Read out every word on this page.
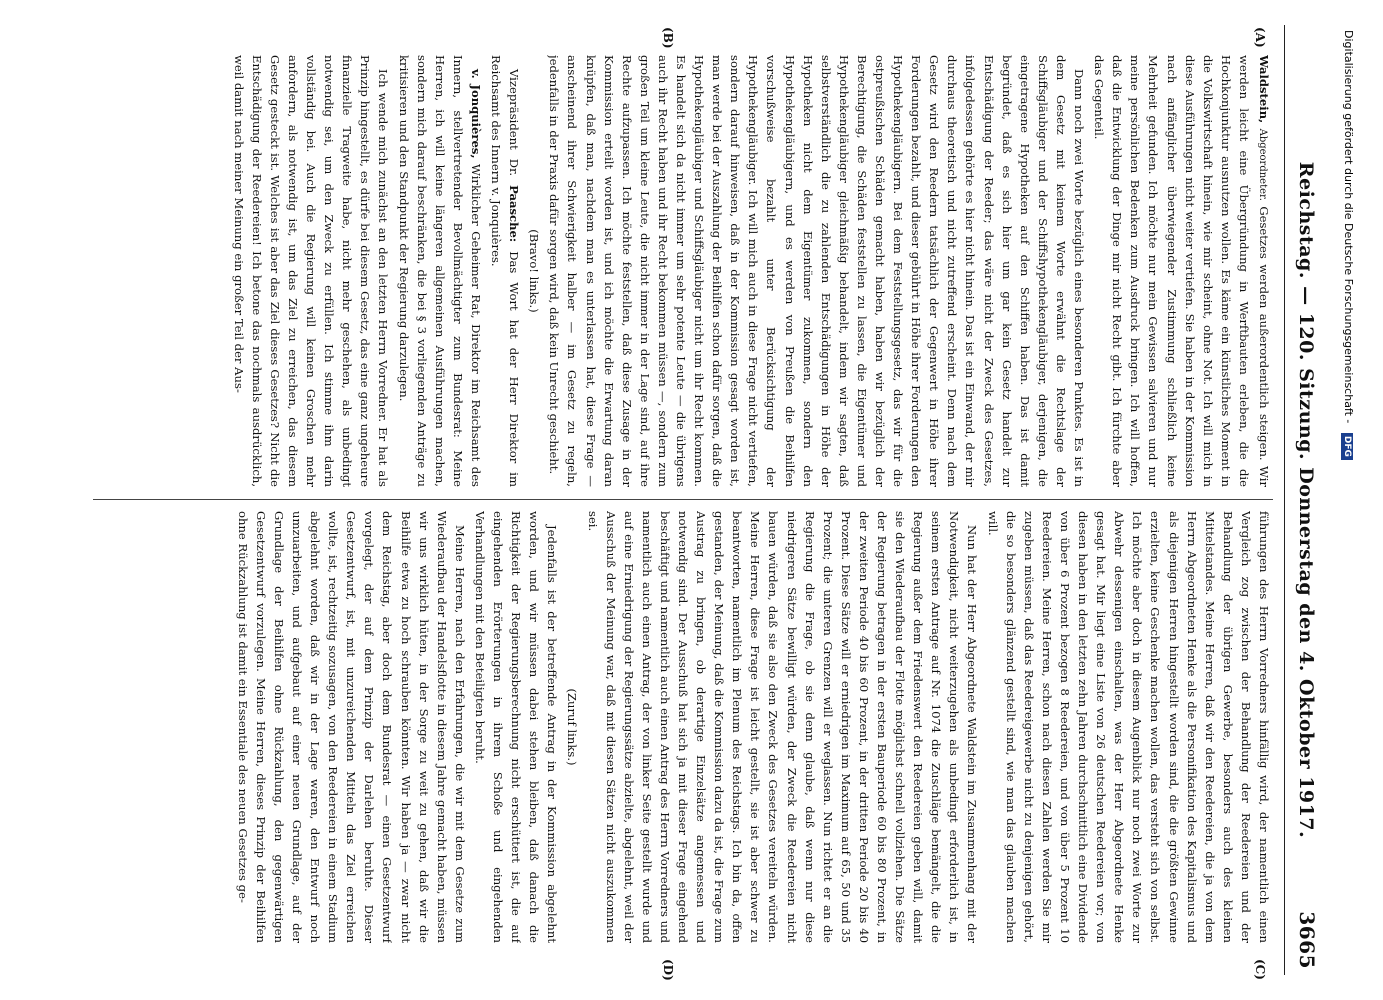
Reichstag. — 120. Sitzung. Donnerstag den 4. Oktober 1917.
3665
(A)
(B)
(C)
(D)

Waldstein, Abgeordneter. Gesetzes werden außerordentlich steigen. Wir werden leicht eine Übergründung in Werftbauten erleben, die die Hochkonjunktur ausnutzen wollen. Es käme ein künstliches Moment in die Volkswirtschaft hinein, wie mir scheint, ohne Not. Ich will mich in diese Ausführungen nicht weiter vertiefen. Sie haben in der Kommission nach anfänglicher überwiegender Zustimmung schließlich keine Mehrheit gefunden. Ich möchte nur mein Gewissen salvieren und nur meine persönlichen Bedenken zum Ausdruck bringen. Ich will hoffen, daß die Entwicklung der Dinge mir nicht Recht gibt. Ich fürchte aber das Gegenteil.

Dann noch zwei Worte bezüglich eines besonderen Punktes. Es ist in dem Gesetz mit keinem Worte erwähnt die Rechtslage der Schiffsgläubiger und der Schiffshypothekengläubiger, derjenigen, die eingetragene Hypotheken auf den Schiffen haben. Das ist damit begründet, daß es sich hier um gar kein Gesetz handelt zur Entschädigung der Reeder; das wäre nicht der Zweck des Gesetzes, infolgedessen gehörte es hier nicht hinein. Das ist ein Einwand, der mir durchaus theoretisch und nicht zutreffend erscheint. Denn nach dem Gesetz wird den Reedern tatsächlich der Gegenwert in Höhe ihrer Forderungen bezahlt, und dieser gebührt in Höhe ihrer Forderungen den Hypothekengläubigern. Bei dem Feststellungsgesetz, das wir für die ostpreußischen Schäden gemacht haben, haben wir bezüglich der Berechtigung, die Schäden feststellen zu lassen, die Eigentümer und Hypothekengläubiger gleichmäßig behandelt, indem wir sagten, daß selbstverständlich die zu zahlenden Entschädigungen in Höhe der Hypotheken nicht dem Eigentümer zukommen, sondern den Hypothekengläubigern, und es werden von Preußen die Beihilfen vorschußweise bezahlt unter Berücksichtigung der Hypothekengläubiger. Ich will mich auch in diese Frage nicht vertiefen, sondern darauf hinweisen, daß in der Kommission gesagt worden ist, man werde bei der Auszahlung der Beihilfen schon dafür sorgen, daß die Hypothekengläubiger und Schiffsgläubiger nicht um ihr Recht kommen. Es handelt sich da nicht immer um sehr potente Leute — die übrigens auch ihr Recht haben und ihr Recht bekommen müssen —, sondern zum großen Teil um kleine Leute, die nicht immer in der Lage sind, auf ihre Rechte aufzupassen. Ich möchte feststellen, daß diese Zusage in der Kommission erteilt worden ist, und ich möchte die Erwartung daran knüpfen, daß man, nachdem man es unterlassen hat, diese Frage — anscheinend ihrer Schwierigkeit halber — im Gesetz zu regeln, jedenfalls in der Praxis dafür sorgen wird, daß kein Unrecht geschieht.

(Bravo! links.)

Vizepräsident Dr. Paasche: Das Wort hat der Herr Direktor im Reichsamt des Innern v. Jonquières.

v. Jonquières, Wirklicher Geheimer Rat, Direktor im Reichsamt des Innern, stellvertretender Bevollmächtigter zum Bundesrat: Meine Herren, ich will keine längeren allgemeinen Ausführungen machen, sondern mich darauf beschränken, die bei § 3 vorliegenden Anträge zu kritisieren und den Standpunkt der Regierung darzulegen.

Ich wende mich zunächst an den letzten Herrn Vorredner. Er hat als Prinzip hingestellt, es dürfe bei diesem Gesetz, das eine ganz ungeheure finanzielle Tragweite habe, nicht mehr geschehen, als unbedingt notwendig sei, um den Zweck zu erfüllen. Ich stimme ihm darin vollständig bei. Auch die Regierung will keinen Groschen mehr anfordern, als notwendig ist, um das Ziel zu erreichen, das diesem Gesetz gesteckt ist. Welches ist aber das Ziel dieses Gesetzes? Nicht die Entschädigung der Reedereien! Ich betone das nochmals ausdrücklich, weil damit nach meiner Meinung ein großer Teil der Aus-

führungen des Herrn Vorredners hinfällig wird, der namentlich einen Vergleich zog zwischen der Behandlung der Reedereien und der Behandlung der übrigen Gewerbe, besonders auch des kleinen Mittelstandes. Meine Herren, daß wir den Reedereien, die ja von dem Herrn Abgeordneten Henke als die Personifikation des Kapitalismus und als diejenigen Herren hingestellt worden sind, die die größten Gewinne erzielten, keine Geschenke machen wollen, das versteht sich von selbst. Ich möchte aber doch in diesem Augenblick nur noch zwei Worte zur Abwehr dessenigen einschalten, was der Herr Abgeordnete Henke gesagt hat. Mir liegt eine Liste von 26 deutschen Reedereien vor; von diesen haben in den letzten zehn Jahren durchschnittlich eine Dividende von über 6 Prozent bezogen 8 Reedereien, und von über 5 Prozent 10 Reedereien. Meine Herren, schon nach diesen Zahlen werden Sie mir zugeben müssen, daß das Reedereigewerbe nicht zu denjenigen gehört, die so besonders glänzend gestellt sind, wie man das glauben machen will.

Nun hat der Herr Abgeordnete Waldstein im Zusammenhang mit der Notwendigkeit, nicht weiterzugehen als unbedingt erforderlich ist, in seinem ersten Antrage auf Nr. 1074 die Zuschläge bemängelt, die die Regierung außer dem Friedenswert den Reedereien geben will, damit sie den Wiederaufbau der Flotte möglichst schnell vollziehen. Die Sätze der Regierung betragen in der ersten Bauperiode 60 bis 80 Prozent, in der zweiten Periode 40 bis 60 Prozent, in der dritten Periode 20 bis 40 Prozent. Diese Sätze will er erniedrigen im Maximum auf 65, 50 und 35 Prozent; die unteren Grenzen will er weglassen. Nun richtet er an die Regierung die Frage, ob sie denn glaube, daß wenn nur diese niedrigeren Sätze bewilligt würden, der Zweck die Reedereien nicht bauen würden, daß sie also den Zweck des Gesetzes vereiteln würden. Meine Herren, diese Frage ist leicht gestellt, sie ist aber schwer zu beantworten, namentlich im Plenum des Reichstags. Ich bin da, offen gestanden, der Meinung, daß die Kommission dazu da ist, die Frage zum Austrag zu bringen, ob derartige Einzelsätze angemessen und notwendig sind. Der Ausschuß hat sich ja mit dieser Frage eingehend beschäftigt und namentlich auch einen Antrag des Herrn Vorredners und namentlich auch einen Antrag, der von linker Seite gestellt wurde und auf eine Erniedrigung der Regierungssätze abzielte, abgelehnt, weil der Ausschuß der Meinung war, daß mit diesen Sätzen nicht auszukommen sei.

(Zuruf links.)

Jedenfalls ist der betreffende Antrag in der Kommission abgelehnt worden, und wir müssen dabei stehen bleiben, daß danach die Richtigkeit der Regierungsberechnung nicht erschüttert ist, die auf eingehenden Erörterungen in ihrem Schoße und eingehenden Verhandlungen mit den Beteiligten beruht.

Meine Herren, nach den Erfahrungen, die wir mit dem Gesetze zum Wiederaufbau der Handelsflotte in diesem Jahre gemacht haben, müssen wir uns wirklich hüten, in der Sorge zu weit zu gehen, daß wir die Beihilfe etwa zu hoch schrauben könnten. Wir haben ja — zwar nicht dem Reichstag, aber doch dem Bundesrat — einen Gesetzentwurf vorgelegt, der auf dem Prinzip der Darlehen beruhte. Dieser Gesetzentwurf, ist, mit unzureichenden Mitteln das Ziel erreichen wollte, ist, rechtzeitig sozusagen, von den Reedereien in einem Stadium abgelehnt worden, daß wir in der Lage waren, den Entwurf noch umzuarbeiten, und aufgebaut auf einer neuen Grundlage, auf der Grundlage der Beihilfen ohne Rückzahlung, den gegenwärtigen Gesetzentwurf vorzulegen. Meine Herren, dieses Prinzip der Beihilfen ohne Rückzahlung ist damit ein Essentiale des neuen Gesetzes ge-

Digitalisierung gefördert durch die Deutsche Forschungsgemeinschaft - DFG
